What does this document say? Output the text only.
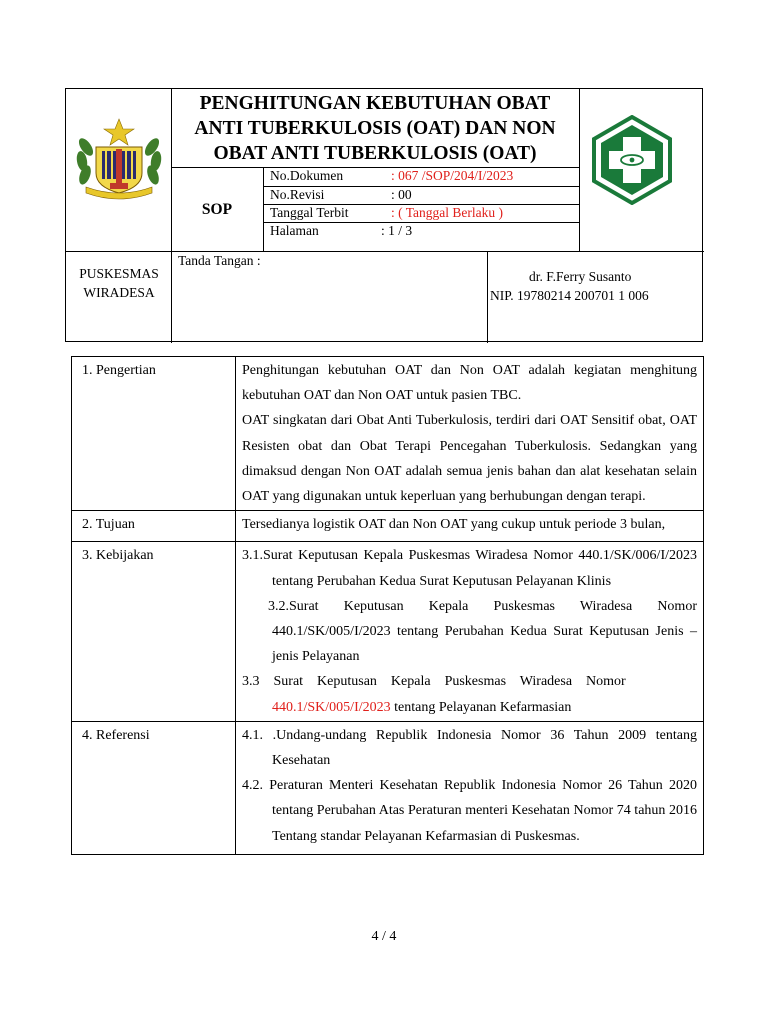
PENGHITUNGAN KEBUTUHAN OBAT
ANTI TUBERKULOSIS (OAT) DAN NON
OBAT ANTI TUBERKULOSIS (OAT)
SOP
No.Dokumen	: 067 /SOP/204/I/2023
No.Revisi	: 00
Tanggal Terbit	: ( Tanggal Berlaku )
Halaman	: 1 / 3
PUSKESMAS
WIRADESA
Tanda Tangan :
dr. F.Ferry Susanto
NIP. 19780214 200701 1 006
1. Pengertian	Penghitungan kebutuhan OAT dan Non OAT adalah kegiatan menghitung kebutuhan OAT dan Non OAT untuk pasien TBC.
OAT singkatan dari Obat Anti Tuberkulosis, terdiri dari OAT Sensitif obat, OAT Resisten obat dan Obat Terapi Pencegahan Tuberkulosis. Sedangkan yang dimaksud dengan Non OAT adalah semua jenis bahan dan alat kesehatan selain OAT yang digunakan untuk keperluan yang berhubungan dengan terapi.

2. Tujuan	Tersedianya logistik OAT dan Non OAT yang cukup untuk periode 3 bulan,

3. Kebijakan	3.1.Surat Keputusan Kepala Puskesmas Wiradesa Nomor 440.1/SK/006/I/2023 tentang Perubahan Kedua Surat Keputusan Pelayanan Klinis
3.2.Surat Keputusan Kepala Puskesmas Wiradesa Nomor 440.1/SK/005/I/2023 tentang Perubahan Kedua Surat Keputusan Jenis – jenis Pelayanan
3.3    Surat    Keputusan    Kepala    Puskesmas    Wiradesa    Nomor
440.1/SK/005/I/2023 tentang Pelayanan Kefarmasian

4. Referensi	4.1. .Undang-undang Republik Indonesia Nomor 36 Tahun 2009 tentang Kesehatan
4.2. Peraturan Menteri Kesehatan Republik Indonesia Nomor 26 Tahun 2020 tentang Perubahan Atas Peraturan menteri Kesehatan Nomor 74 tahun 2016 Tentang standar Pelayanan Kefarmasian di Puskesmas.
4 / 4
